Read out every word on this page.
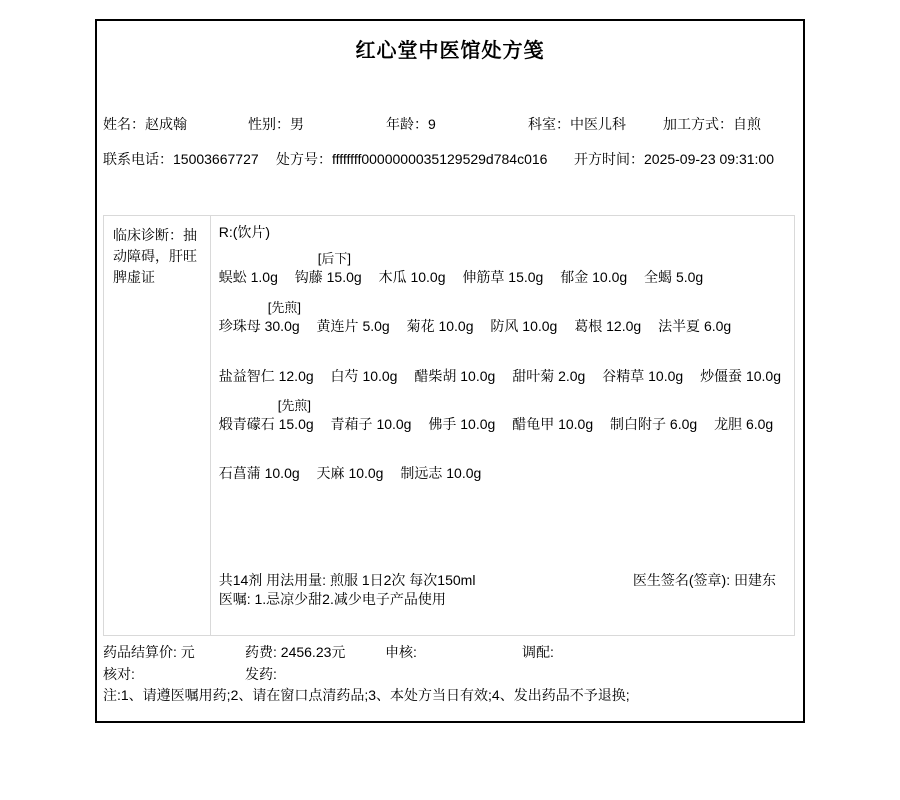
红心堂中医馆处方笺
姓名：赵成翰	性别：男	年龄：9	科室：中医儿科	加工方式：自煎
联系电话：15003667727 处方号：ffffffff0000000035129529d784c016 开方时间：2025-09-23 09:31:00
临床诊断：抽动障碍，肝旺脾虚证
R:(饮片)
[后下]
蜈蚣 1.0g 钩藤 15.0g 木瓜 10.0g 伸筋草 15.0g 郁金 10.0g 全蝎 5.0g
[先煎]
珍珠母 30.0g 黄连片 5.0g 菊花 10.0g 防风 10.0g 葛根 12.0g 法半夏 6.0g
盐益智仁 12.0g 白芍 10.0g 醋柴胡 10.0g 甜叶菊 2.0g 谷精草 10.0g 炒僵蚕 10.0g
[先煎]
煅青礞石 15.0g 青葙子 10.0g 佛手 10.0g 醋龟甲 10.0g 制白附子 6.0g 龙胆 6.0g
石菖蒲 10.0g 天麻 10.0g 制远志 10.0g
共14剂 用法用量: 煎服 1日2次 每次150ml	医生签名(签章): 田建东
医嘱: 1.忌凉少甜2.减少电子产品使用
药品结算价: 元	药费: 2456.23元	申核:	调配:
核对:	发药:
注:1、请遵医嘱用药;2、请在窗口点清药品;3、本处方当日有效;4、发出药品不予退换;
